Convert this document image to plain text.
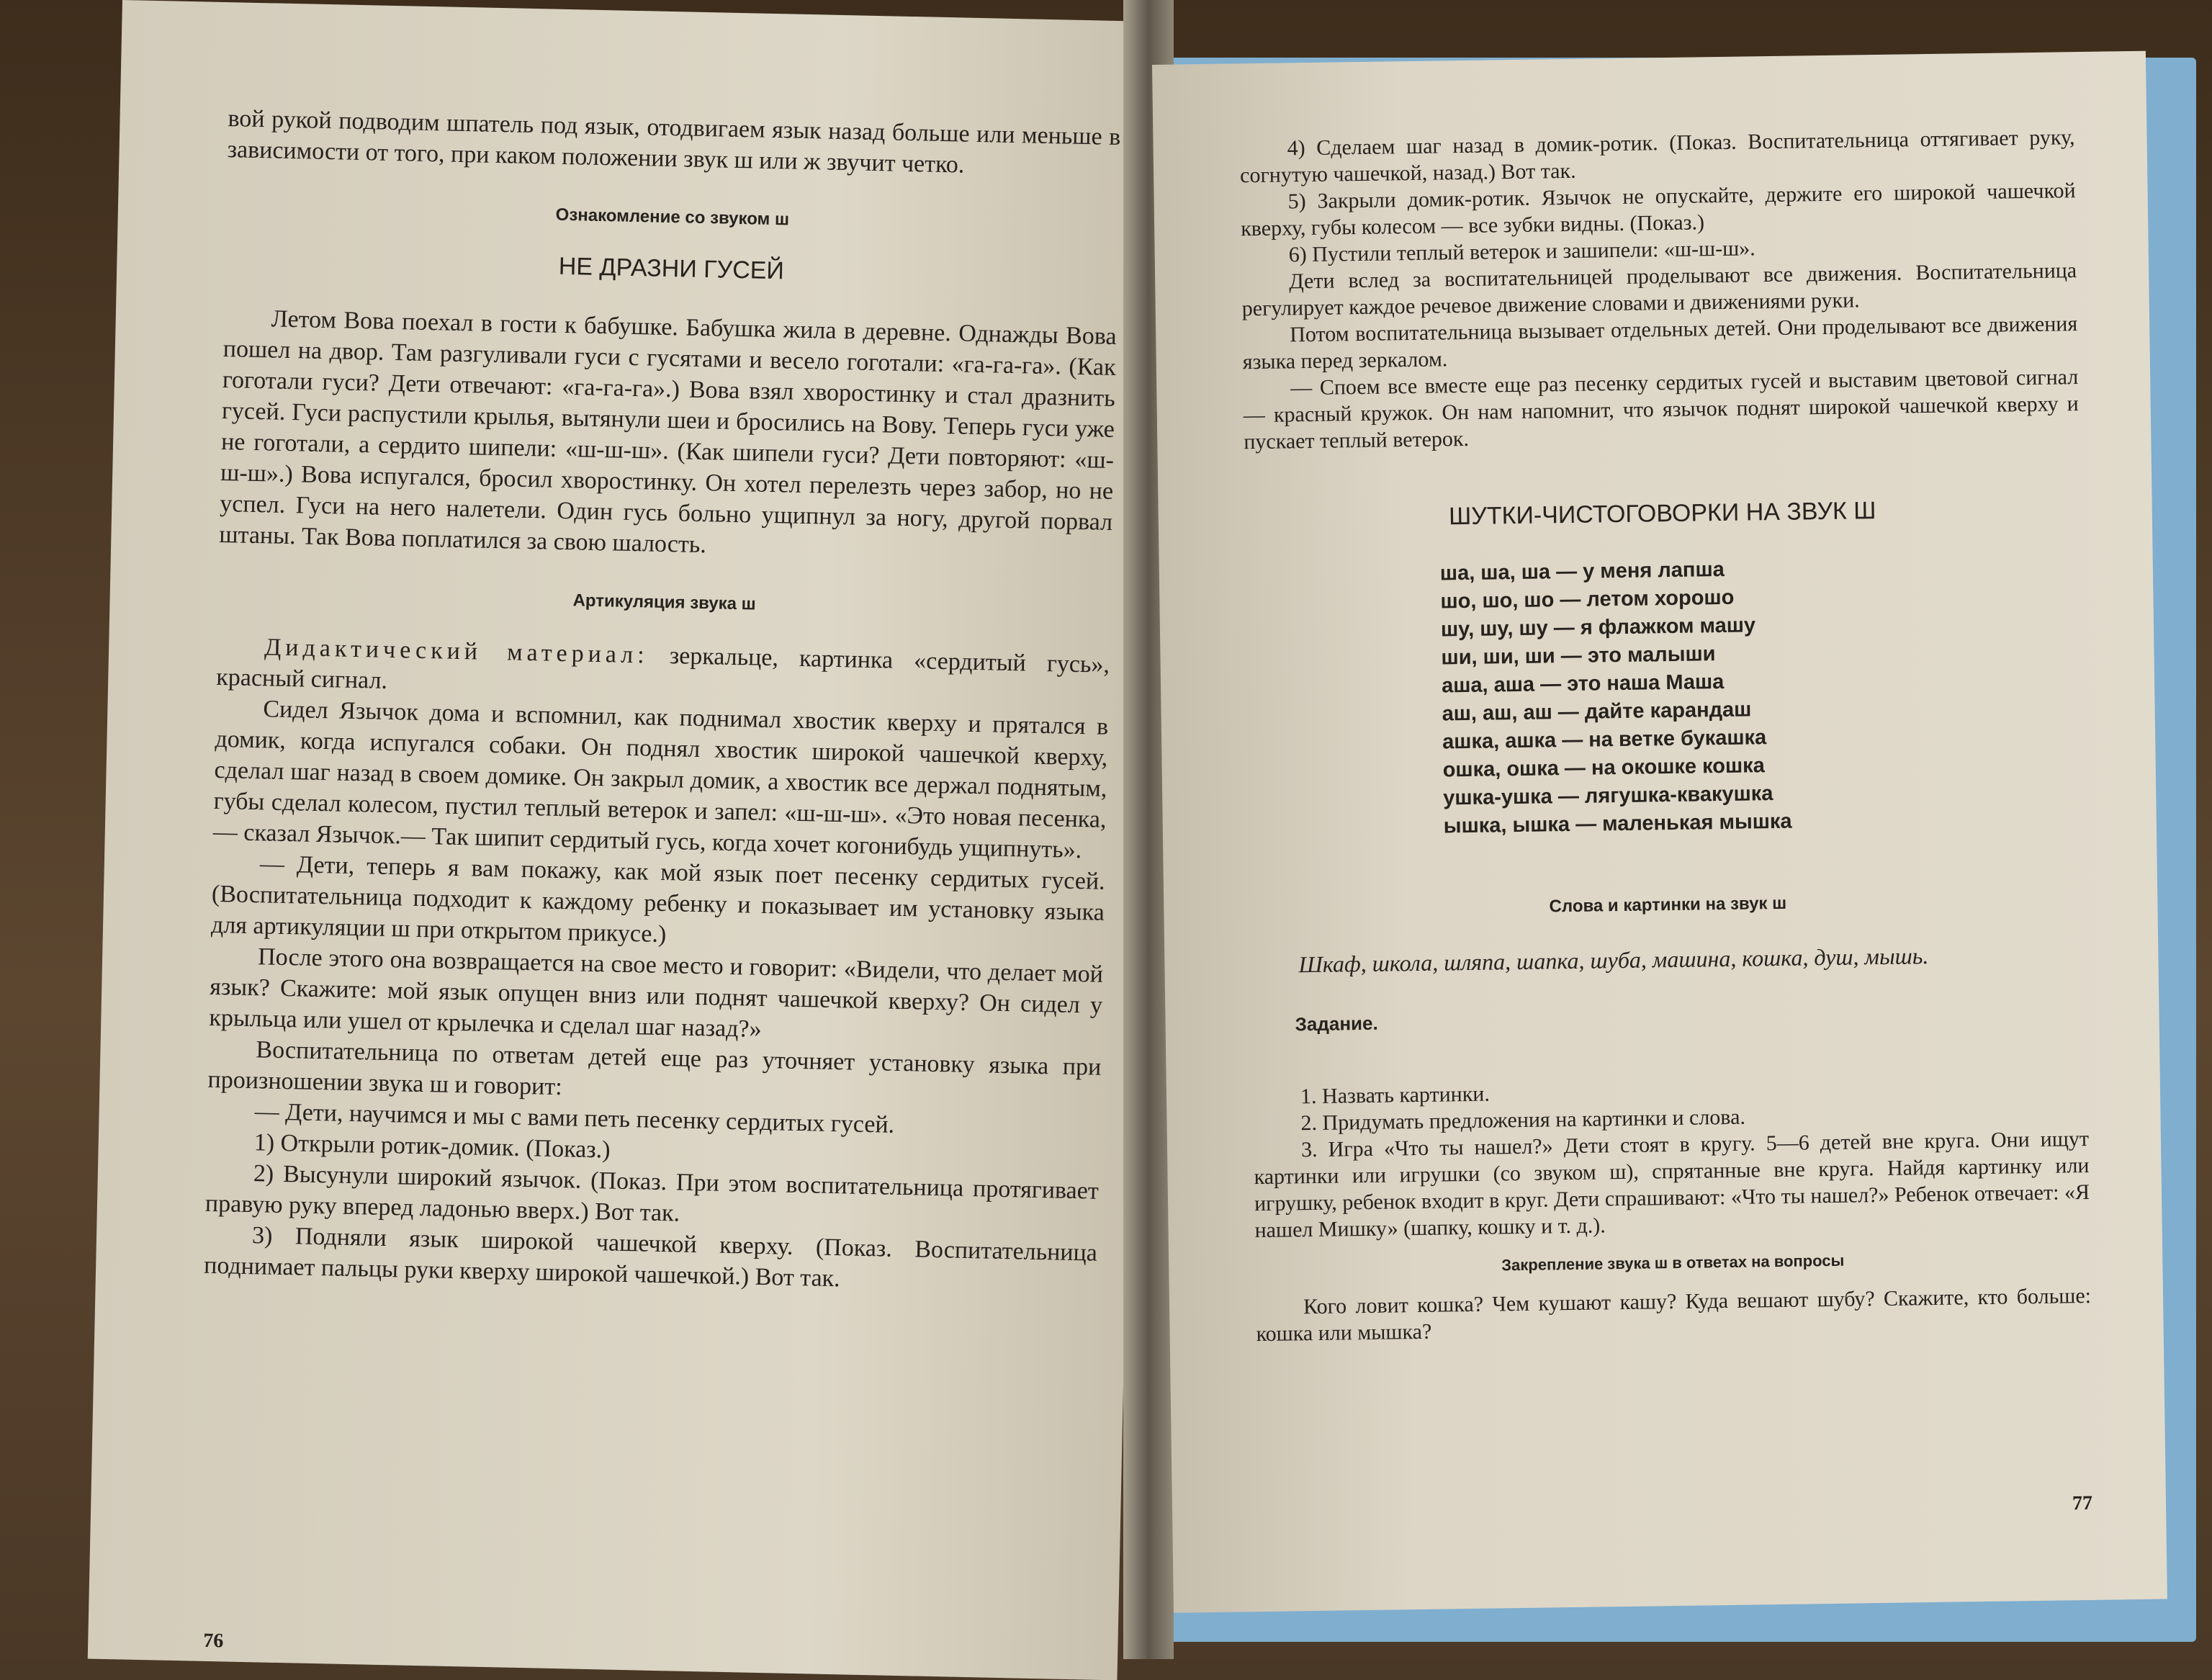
вой рукой подводим шпатель под язык, отодвигаем язык назад больше или меньше в зависимости от того, при каком положении звук ш или ж звучит четко.

Ознакомление со звуком ш
НЕ ДРАЗНИ ГУСЕЙ

Летом Вова поехал в гости к бабушке. Бабушка жила в деревне. Однажды Вова пошел на двор. Там разгуливали гуси с гусятами и весело гоготали: «га-га-га». (Как гоготали гуси? Дети отвечают: «га-га-га».) Вова взял хворостинку и стал дразнить гусей. Гуси распустили крылья, вытянули шеи и бросились на Вову. Теперь гуси уже не гоготали, а сердито шипели: «ш-ш-ш». (Как шипели гуси? Дети повторяют: «ш-ш-ш».) Вова испугался, бросил хворостинку. Он хотел перелезть через забор, но не успел. Гуси на него налетели. Один гусь больно ущипнул за ногу, другой порвал штаны. Так Вова поплатился за свою шалость.

Артикуляция звука ш

Дидактический материал: зеркальце, картинка «сердитый гусь», красный сигнал.

Сидел Язычок дома и вспомнил, как поднимал хвостик кверху и прятался в домик, когда испугался собаки. Он поднял хвостик широкой чашечкой кверху, сделал шаг назад в своем домике. Он закрыл домик, а хвостик все держал поднятым, губы сделал колесом, пустил теплый ветерок и запел: «ш-ш-ш». «Это новая песенка,— сказал Язычок.— Так шипит сердитый гусь, когда хочет когонибудь ущипнуть».

— Дети, теперь я вам покажу, как мой язык поет песенку сердитых гусей. (Воспитательница подходит к каждому ребенку и показывает им установку языка для артикуляции ш при открытом прикусе.)

После этого она возвращается на свое место и говорит: «Видели, что делает мой язык? Скажите: мой язык опущен вниз или поднят чашечкой кверху? Он сидел у крыльца или ушел от крылечка и сделал шаг назад?»

Воспитательница по ответам детей еще раз уточняет установку языка при произношении звука ш и говорит:

— Дети, научимся и мы с вами петь песенку сердитых гусей.

1) Открыли ротик-домик. (Показ.)

2) Высунули широкий язычок. (Показ. При этом воспитательница протягивает правую руку вперед ладонью вверх.) Вот так.

3) Подняли язык широкой чашечкой кверху. (Показ. Воспитательница поднимает пальцы руки кверху широкой чашечкой.) Вот так.

76

4) Сделаем шаг назад в домик-ротик. (Показ. Воспитательница оттягивает руку, согнутую чашечкой, назад.) Вот так.

5) Закрыли домик-ротик. Язычок не опускайте, держите его широкой чашечкой кверху, губы колесом — все зубки видны. (Показ.)

6) Пустили теплый ветерок и зашипели: «ш-ш-ш».

Дети вслед за воспитательницей проделывают все движения. Воспитательница регулирует каждое речевое движение словами и движениями руки.

Потом воспитательница вызывает отдельных детей. Они проделывают все движения языка перед зеркалом.

— Споем все вместе еще раз песенку сердитых гусей и выставим цветовой сигнал — красный кружок. Он нам напомнит, что язычок поднят широкой чашечкой кверху и пускает теплый ветерок.

ШУТКИ-ЧИСТОГОВОРКИ НА ЗВУК Ш
ша, ша, ша — у меня лапша
шо, шо, шо — летом хорошо
шу, шу, шу — я флажком машу
ши, ши, ши — это малыши
аша, аша — это наша Маша
аш, аш, аш — дайте карандаш
ашка, ашка — на ветке букашка
ошка, ошка — на окошке кошка
ушка-ушка — лягушка-квакушка
ышка, ышка — маленькая мышка
Слова и картинки на звук ш

Шкаф, школа, шляпа, шапка, шуба, машина, кошка, душ, мышь.

Задание.

1. Назвать картинки.

2. Придумать предложения на картинки и слова.

3. Игра «Что ты нашел?» Дети стоят в кругу. 5—6 детей вне круга. Они ищут картинки или игрушки (со звуком ш), спрятанные вне круга. Найдя картинку или игрушку, ребенок входит в круг. Дети спрашивают: «Что ты нашел?» Ребенок отвечает: «Я нашел Мишку» (шапку, кошку и т. д.).

Закрепление звука ш в ответах на вопросы

Кого ловит кошка? Чем кушают кашу? Куда вешают шубу? Скажите, кто больше: кошка или мышка?

77
